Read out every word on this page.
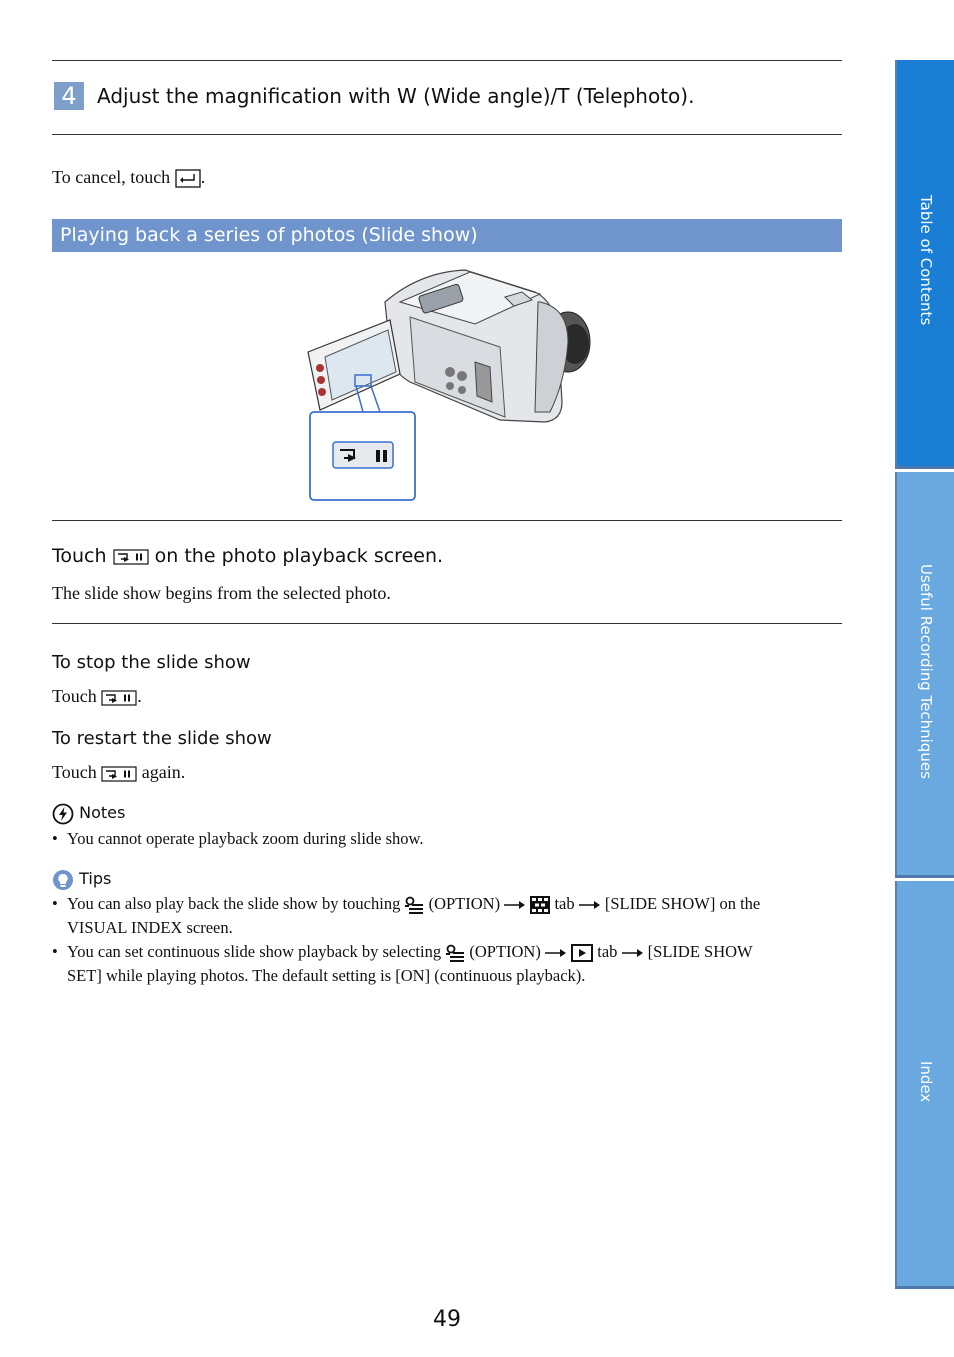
4	Adjust the magnification with W (Wide angle)/T (Telephoto).
To cancel, touch .
Playing back a series of photos (Slide show)
Touch	on the photo playback screen.
The slide show begins from the selected photo.
To stop the slide show
Touch .
To restart the slide show
Touch	again.
Notes
• You cannot operate playback zoom during slide show.
Tips
• You can also play back the slide show by touching (OPTION)	tab [SLIDE SHOW] on the
VISUAL INDEX screen.
• You can set continuous slide show playback by selecting (OPTION)	tab [SLIDE SHOW
SET] while playing photos. The default setting is [ON] (continuous playback).
Table of Contents
Useful Recording Techniques
Index
49
